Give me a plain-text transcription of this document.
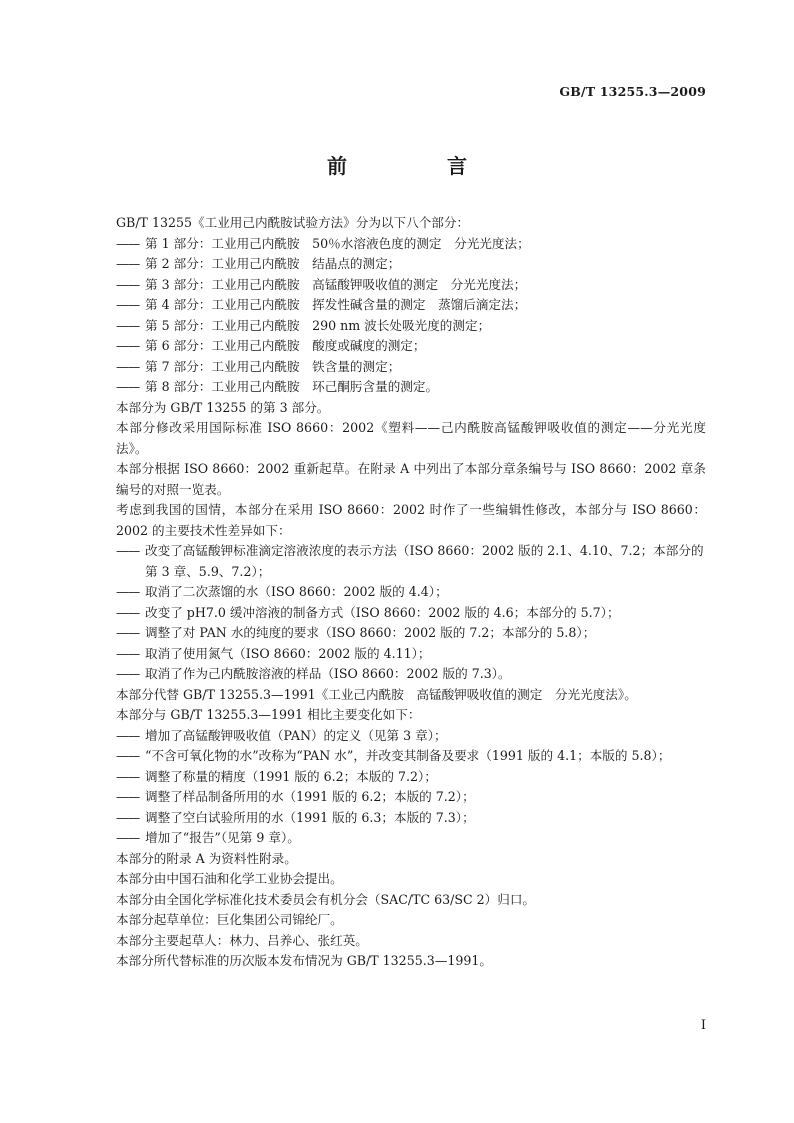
GB/T 13255.3—2009
前　言
GB/T 13255《工业用己内酰胺试验方法》分为以下八个部分：
—— 第 1 部分：工业用己内酰胺　50％水溶液色度的测定　分光光度法；
—— 第 2 部分：工业用己内酰胺　结晶点的测定；
—— 第 3 部分：工业用己内酰胺　高锰酸钾吸收值的测定　分光光度法；
—— 第 4 部分：工业用己内酰胺　挥发性碱含量的测定　蒸馏后滴定法；
—— 第 5 部分：工业用己内酰胺　290 nm 波长处吸光度的测定；
—— 第 6 部分：工业用己内酰胺　酸度或碱度的测定；
—— 第 7 部分：工业用己内酰胺　铁含量的测定；
—— 第 8 部分：工业用己内酰胺　环己酮肟含量的测定。
本部分为 GB/T 13255 的第 3 部分。
本部分修改采用国际标准 ISO 8660：2002《塑料——己内酰胺高锰酸钾吸收值的测定——分光光度法》。
本部分根据 ISO 8660：2002 重新起草。在附录 A 中列出了本部分章条编号与 ISO 8660：2002 章条编号的对照一览表。
考虑到我国的国情，本部分在采用 ISO 8660：2002 时作了一些编辑性修改，本部分与 ISO 8660：2002 的主要技术性差异如下：
—— 改变了高锰酸钾标准滴定溶液浓度的表示方法（ISO 8660：2002 版的 2.1、4.10、7.2；本部分的第 3 章、5.9、7.2）；
—— 取消了二次蒸馏的水（ISO 8660：2002 版的 4.4）；
—— 改变了 pH7.0 缓冲溶液的制备方式（ISO 8660：2002 版的 4.6；本部分的 5.7）；
—— 调整了对 PAN 水的纯度的要求（ISO 8660：2002 版的 7.2；本部分的 5.8）；
—— 取消了使用氮气（ISO 8660：2002 版的 4.11）；
—— 取消了作为己内酰胺溶液的样品（ISO 8660：2002 版的 7.3）。
本部分代替 GB/T 13255.3—1991《工业己内酰胺　高锰酸钾吸收值的测定　分光光度法》。
本部分与 GB/T 13255.3—1991 相比主要变化如下：
—— 增加了高锰酸钾吸收值（PAN）的定义（见第 3 章）；
—— “不含可氧化物的水”改称为“PAN 水”，并改变其制备及要求（1991 版的 4.1；本版的 5.8）；
—— 调整了称量的精度（1991 版的 6.2；本版的 7.2）；
—— 调整了样品制备所用的水（1991 版的 6.2；本版的 7.2）；
—— 调整了空白试验所用的水（1991 版的 6.3；本版的 7.3）；
—— 增加了“报告”（见第 9 章）。
本部分的附录 A 为资料性附录。
本部分由中国石油和化学工业协会提出。
本部分由全国化学标准化技术委员会有机分会（SAC/TC 63/SC 2）归口。
本部分起草单位：巨化集团公司锦纶厂。
本部分主要起草人：林力、吕养心、张红英。
本部分所代替标准的历次版本发布情况为 GB/T 13255.3—1991。
I
